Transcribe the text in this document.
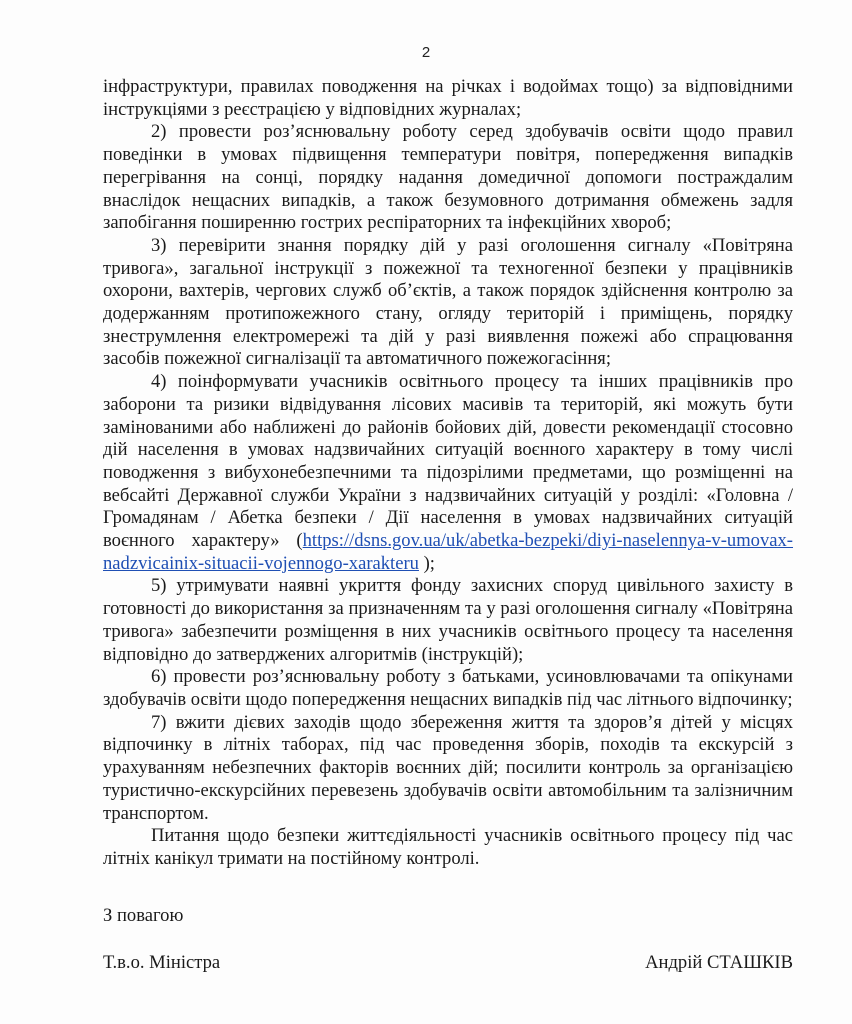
2

інфраструктури, правилах поводження на річках і водоймах тощо) за відповідними інструкціями з реєстрацією у відповідних журналах;

2) провести роз’яснювальну роботу серед здобувачів освіти щодо правил поведінки в умовах підвищення температури повітря, попередження випадків перегрівання на сонці, порядку надання домедичної допомоги постраждалим внаслідок нещасних випадків, а також безумовного дотримання обмежень задля запобігання поширенню гострих респіраторних та інфекційних хвороб;

3) перевірити знання порядку дій у разі оголошення сигналу «Повітряна тривога», загальної інструкції з пожежної та техногенної безпеки у працівників охорони, вахтерів, чергових служб об’єктів, а також порядок здійснення контролю за додержанням протипожежного стану, огляду територій і приміщень, порядку знеструмлення електромережі та дій у разі виявлення пожежі або спрацювання засобів пожежної сигналізації та автоматичного пожежогасіння;

4) поінформувати учасників освітнього процесу та інших працівників про заборони та ризики відвідування лісових масивів та територій, які можуть бути замінованими або наближені до районів бойових дій, довести рекомендації стосовно дій населення в умовах надзвичайних ситуацій воєнного характеру в тому числі поводження з вибухонебезпечними та підозрілими предметами, що розміщенні на вебсайті Державної служби України з надзвичайних ситуацій у розділі: «Головна / Громадянам / Абетка безпеки / Дії населення в умовах надзвичайних ситуацій воєнного характеру» (https://dsns.gov.ua/uk/abetka-bezpeki/diyi-naselennya-v-umovax-nadzvicainix-situacii-vojennogo-xarakteru );

5) утримувати наявні укриття фонду захисних споруд цивільного захисту в готовності до використання за призначенням та у разі оголошення сигналу «Повітряна тривога» забезпечити розміщення в них учасників освітнього процесу та населення відповідно до затверджених алгоритмів (інструкцій);

6) провести роз’яснювальну роботу з батьками, усиновлювачами та опікунами здобувачів освіти щодо попередження нещасних випадків під час літнього відпочинку;

7) вжити дієвих заходів щодо збереження життя та здоров’я дітей у місцях відпочинку в літніх таборах, під час проведення зборів, походів та екскурсій з урахуванням небезпечних факторів воєнних дій; посилити контроль за організацією туристично-екскурсійних перевезень здобувачів освіти автомобільним та залізничним транспортом.

Питання щодо безпеки життєдіяльності учасників освітнього процесу під час літніх канікул тримати на постійному контролі.

З повагою
Т.в.о. Міністра	Андрій СТАШКІВ
